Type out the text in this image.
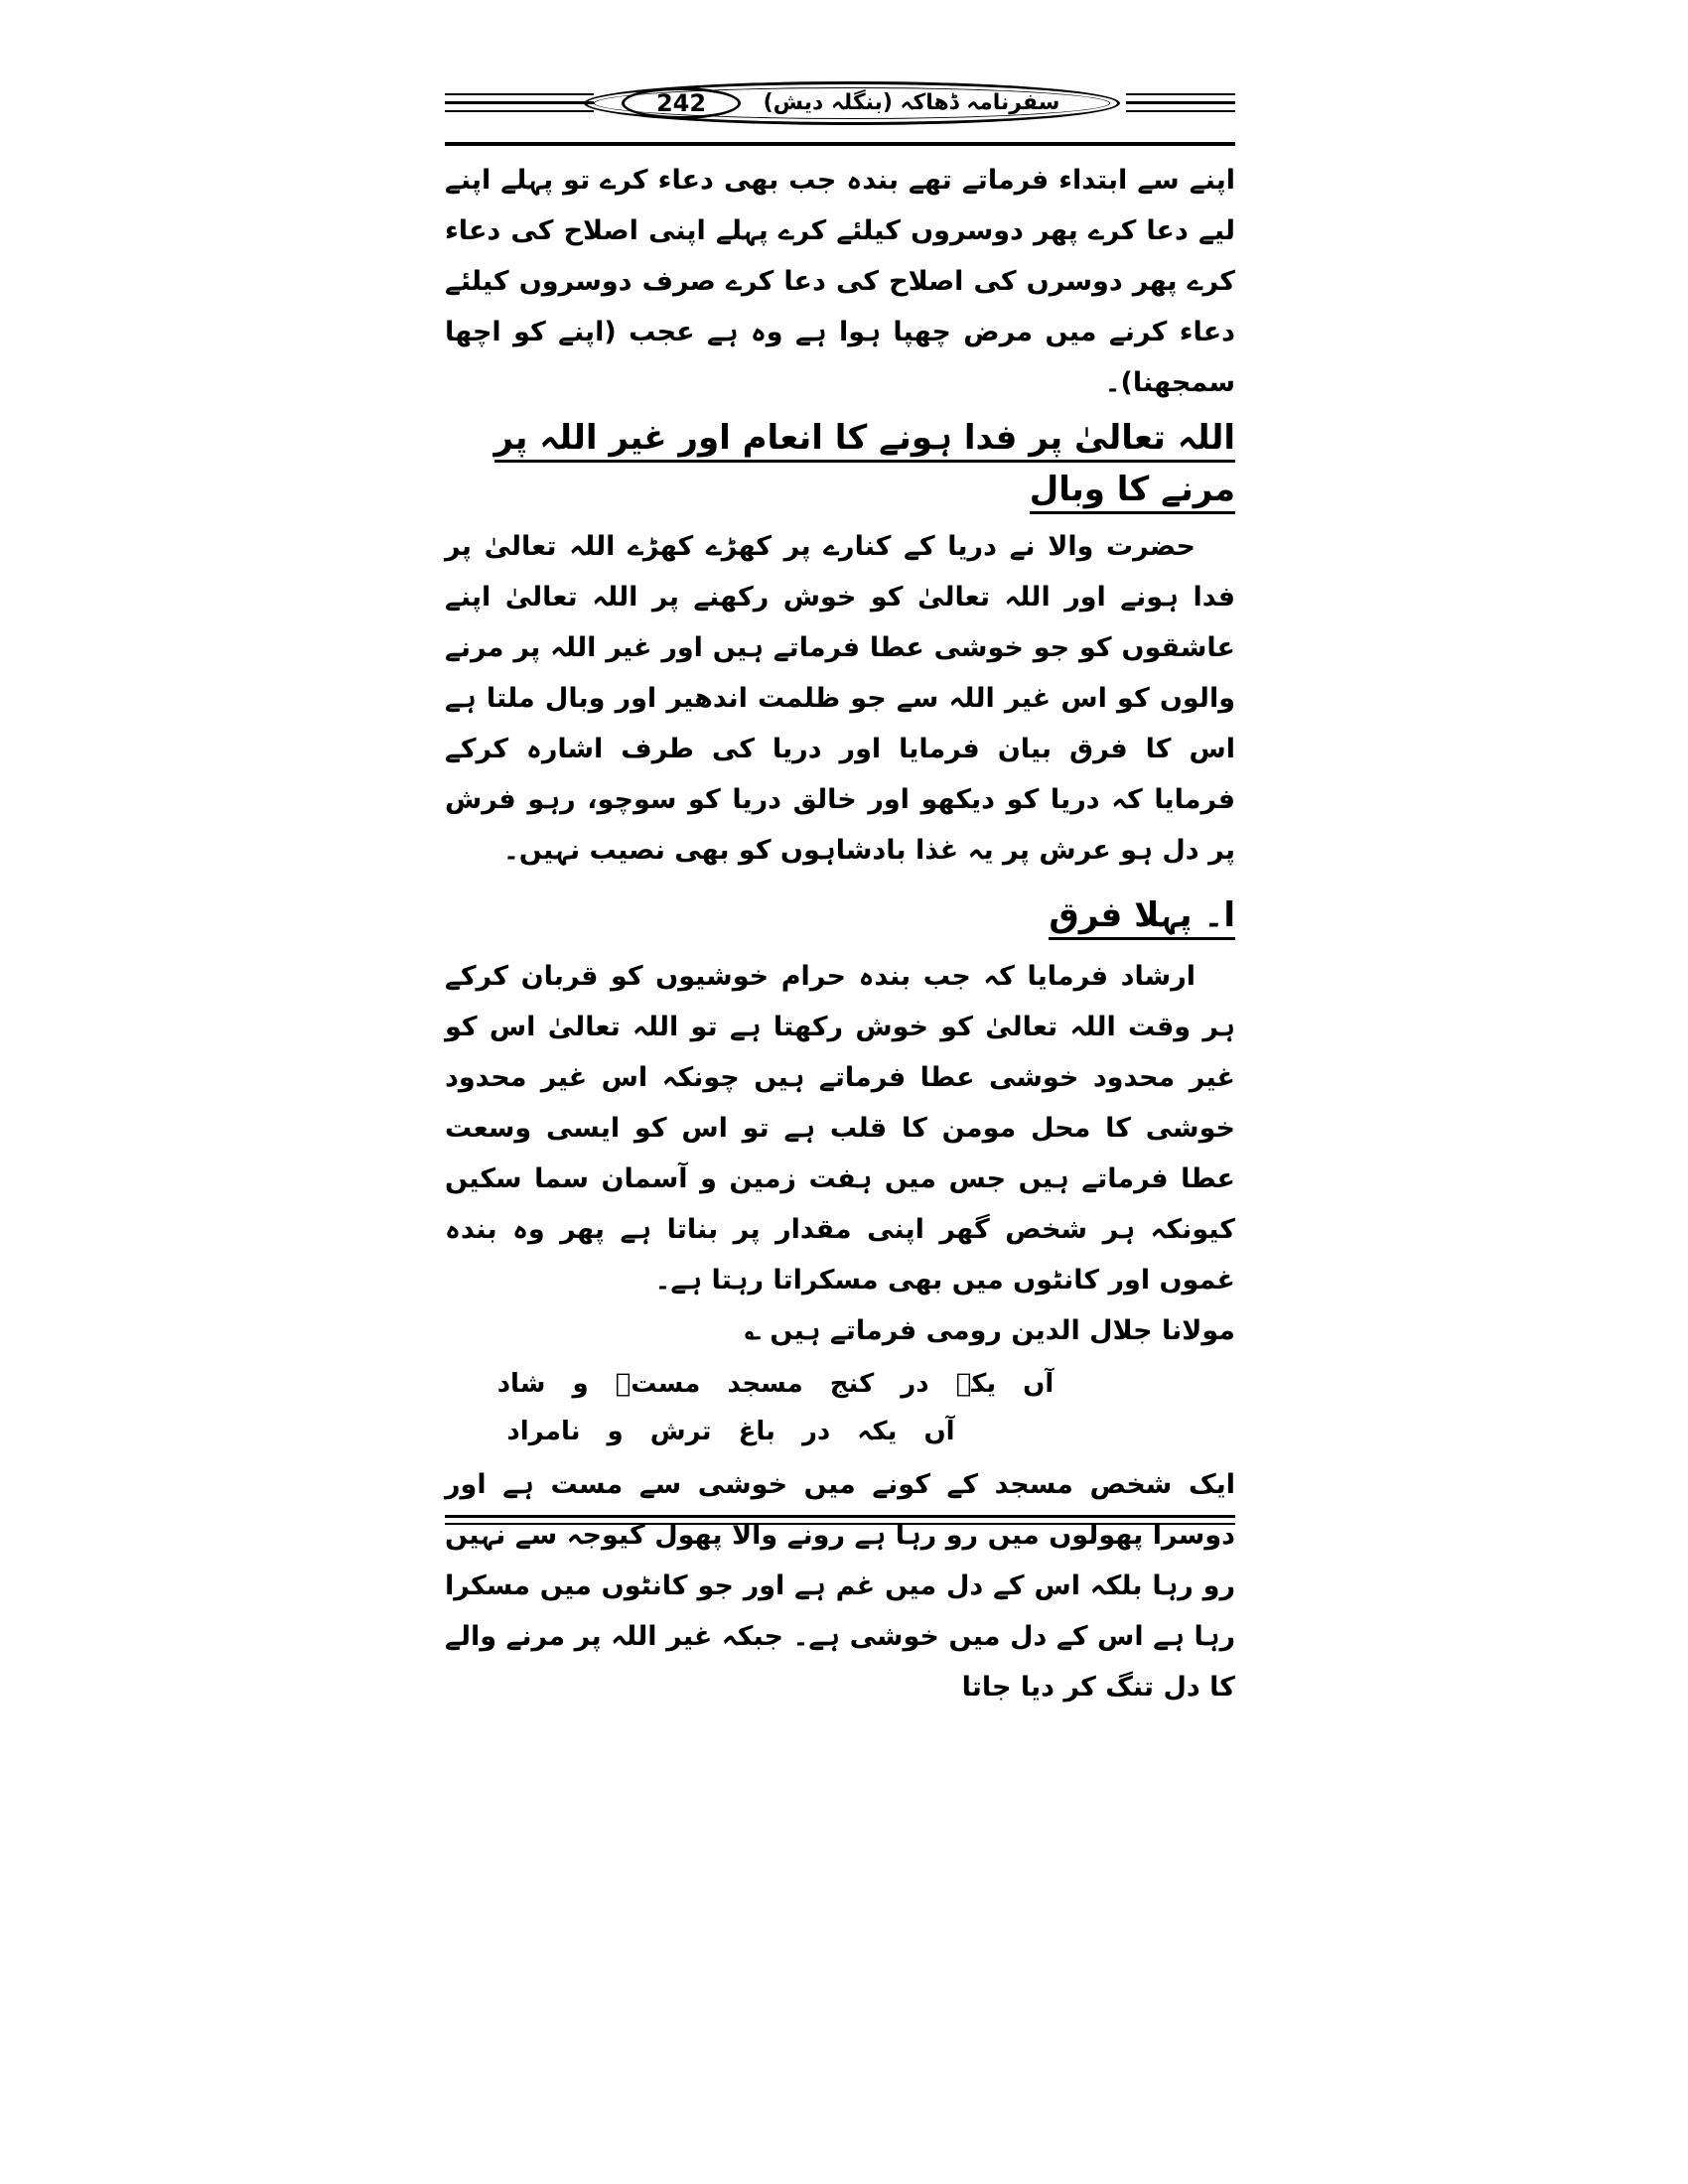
242	سفرنامہ ڈھاکہ (بنگلہ دیش)

اپنے سے ابتداء فرماتے تھے بندہ جب بھی دعاء کرے تو پہلے اپنے لیے دعا کرے پھر دوسروں کیلئے کرے پہلے اپنی اصلاح کی دعاء کرے پھر دوسرں کی اصلاح کی دعا کرے صرف دوسروں کیلئے دعاء کرنے میں مرض چھپا ہوا ہے وہ ہے عجب (اپنے کو اچھا سمجھنا)۔

اللہ تعالیٰ پر فدا ہونے کا انعام اور غیر اللہ پر مرنے کا وبال

حضرت والا نے دریا کے کنارے پر کھڑے کھڑے اللہ تعالیٰ پر فدا ہونے اور اللہ تعالیٰ کو خوش رکھنے پر اللہ تعالیٰ اپنے عاشقوں کو جو خوشی عطا فرماتے ہیں اور غیر اللہ پر مرنے والوں کو اس غیر اللہ سے جو ظلمت اندھیر اور وبال ملتا ہے اس کا فرق بیان فرمایا اور دریا کی طرف اشارہ کرکے فرمایا کہ دریا کو دیکھو اور خالق دریا کو سوچو، رہو فرش پر دل ہو عرش پر یہ غذا بادشاہوں کو بھی نصیب نہیں۔

ا۔ پہلا فرق

ارشاد فرمایا کہ جب بندہ حرام خوشیوں کو قربان کرکے ہر وقت اللہ تعالیٰ کو خوش رکھتا ہے تو اللہ تعالیٰ اس کو غیر محدود خوشی عطا فرماتے ہیں چونکہ اس غیر محدود خوشی کا محل مومن کا قلب ہے تو اس کو ایسی وسعت عطا فرماتے ہیں جس میں ہفت زمین و آسمان سما سکیں کیونکہ ہر شخص گھر اپنی مقدار پر بناتا ہے پھر وہ بندہ غموں اور کانٹوں میں بھی مسکراتا رہتا ہے۔

مولانا جلال الدین رومی فرماتے ہیں ؎

آں یکہ در کنج مسجد مستؒ و شاد
آں یکہ در باغ ترش و نامراد

ایک شخص مسجد کے کونے میں خوشی سے مست ہے اور دوسرا پھولوں میں رو رہا ہے رونے والا پھول کیوجہ سے نہیں رو رہا بلکہ اس کے دل میں غم ہے اور جو کانٹوں میں مسکرا رہا ہے اس کے دل میں خوشی ہے۔ جبکہ غیر اللہ پر مرنے والے کا دل تنگ کر دیا جاتا
